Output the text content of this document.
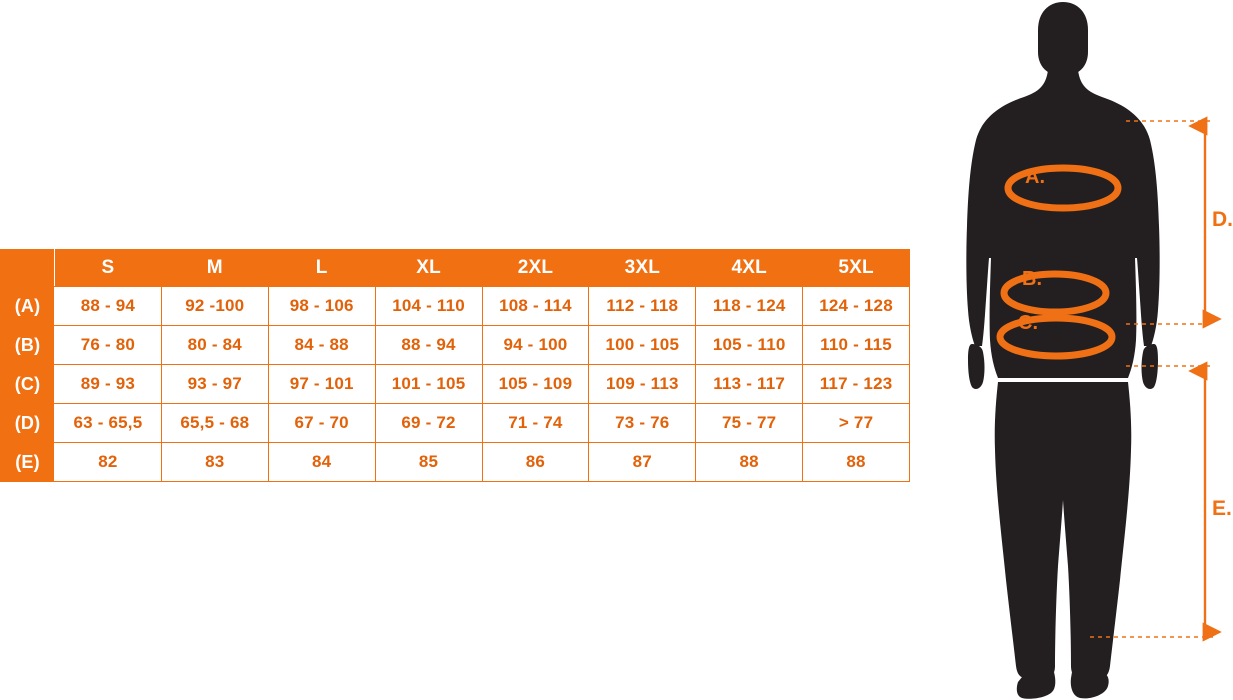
	S	M	L	XL	2XL	3XL	4XL	5XL
(A)	88 - 94	92 -100	98 - 106	104 - 110	108 - 114	112 - 118	118 - 124	124 - 128
(B)	76 - 80	80 - 84	84 - 88	88 - 94	94 - 100	100 - 105	105 - 110	110 - 115
(C)	89 - 93	93 - 97	97 - 101	101 - 105	105 - 109	109 - 113	113 - 117	117 - 123
(D)	63 - 65,5	65,5 - 68	67 - 70	69 - 72	71 - 74	73 - 76	75 - 77	> 77
(E)	82	83	84	85	86	87	88	88
A.
B.
C.
D.
E.
